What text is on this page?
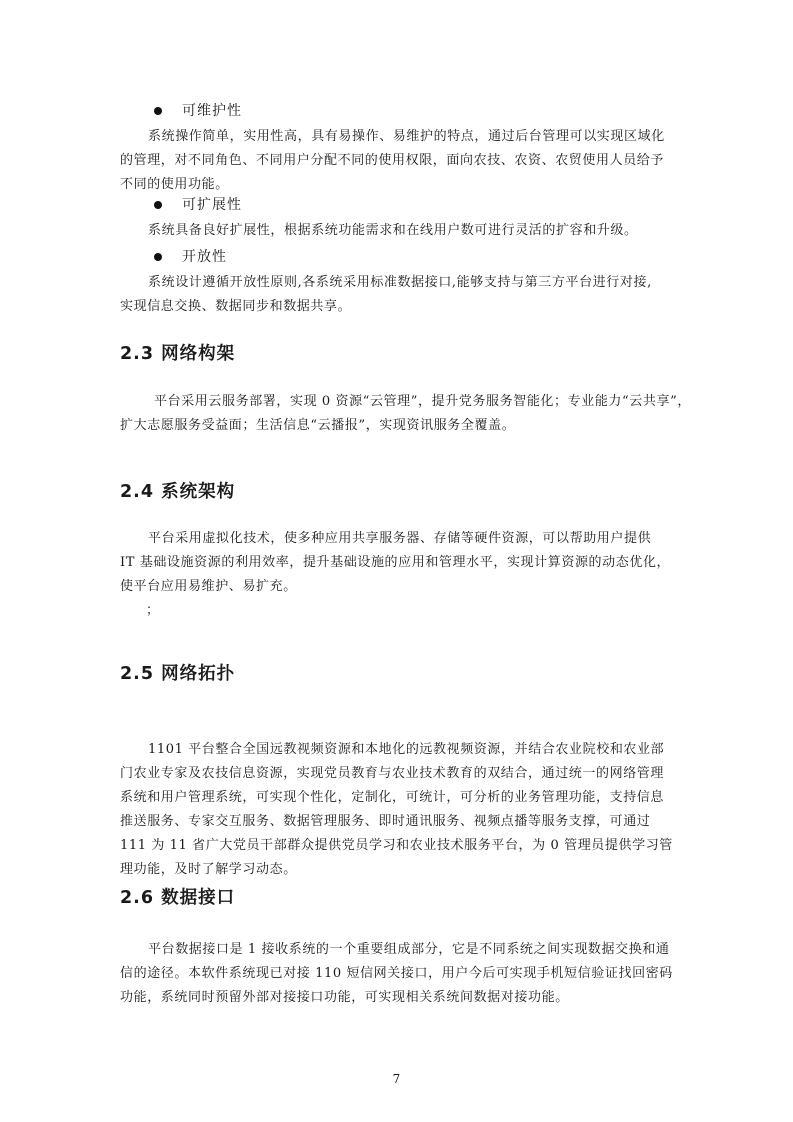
可维护性
系统操作简单，实用性高，具有易操作、易维护的特点，通过后台管理可以实现区域化
的管理，对不同角色、不同用户分配不同的使用权限，面向农技、农资、农贸使用人员给予
不同的使用功能。
可扩展性
系统具备良好扩展性，根据系统功能需求和在线用户数可进行灵活的扩容和升级。
开放性
系统设计遵循开放性原则,各系统采用标准数据接口,能够支持与第三方平台进行对接,
实现信息交换、数据同步和数据共享。
2.3 网络构架
平台采用云服务部署，实现 0 资源“云管理”，提升党务服务智能化；专业能力“云共享”，
扩大志愿服务受益面；生活信息“云播报”，实现资讯服务全覆盖。
2.4 系统架构
平台采用虚拟化技术，使多种应用共享服务器、存储等硬件资源，可以帮助用户提供
IT 基础设施资源的利用效率，提升基础设施的应用和管理水平，实现计算资源的动态优化，
使平台应用易维护、易扩充。
；
2.5 网络拓扑
1101 平台整合全国远教视频资源和本地化的远教视频资源，并结合农业院校和农业部
门农业专家及农技信息资源，实现党员教育与农业技术教育的双结合，通过统一的网络管理
系统和用户管理系统，可实现个性化，定制化，可统计，可分析的业务管理功能，支持信息
推送服务、专家交互服务、数据管理服务、即时通讯服务、视频点播等服务支撑，可通过
111 为 11 省广大党员干部群众提供党员学习和农业技术服务平台，为 0 管理员提供学习管
理功能，及时了解学习动态。
2.6 数据接口
平台数据接口是 1 接收系统的一个重要组成部分，它是不同系统之间实现数据交换和通
信的途径。本软件系统现已对接 110 短信网关接口，用户今后可实现手机短信验证找回密码
功能，系统同时预留外部对接接口功能，可实现相关系统间数据对接功能。
7
